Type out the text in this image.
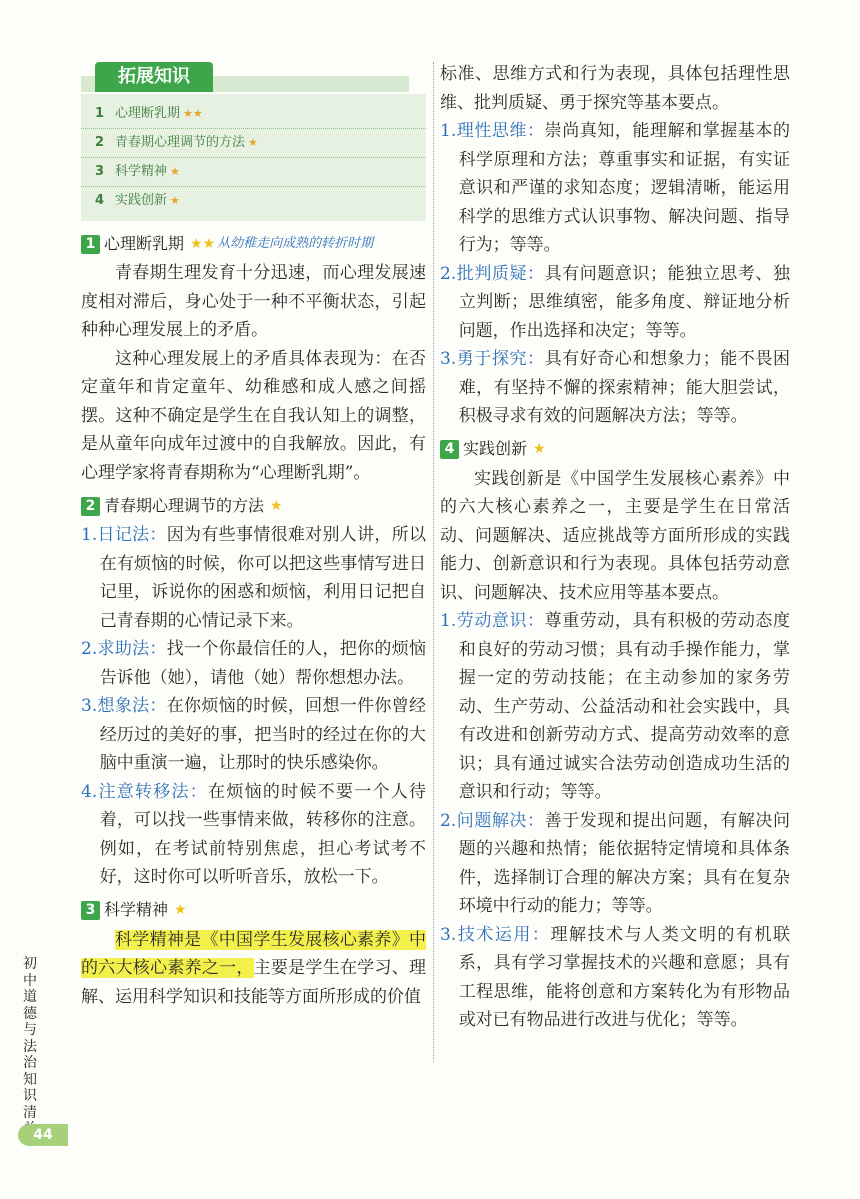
拓展知识
1 心理断乳期 ★★
2 青春期心理调节的方法 ★
3 科学精神 ★
4 实践创新 ★
1 心理断乳期 ★★ 从幼稚走向成熟的转折时期

青春期生理发育十分迅速，而心理发展速度相对滞后，身心处于一种不平衡状态，引起种种心理发展上的矛盾。

这种心理发展上的矛盾具体表现为：在否定童年和肯定童年、幼稚感和成人感之间摇摆。这种不确定是学生在自我认知上的调整，是从童年向成年过渡中的自我解放。因此，有心理学家将青春期称为“心理断乳期”。

2 青春期心理调节的方法 ★

1.日记法：因为有些事情很难对别人讲，所以在有烦恼的时候，你可以把这些事情写进日记里，诉说你的困惑和烦恼，利用日记把自己青春期的心情记录下来。

2.求助法：找一个你最信任的人，把你的烦恼告诉他（她），请他（她）帮你想想办法。

3.想象法：在你烦恼的时候，回想一件你曾经经历过的美好的事，把当时的经过在你的大脑中重演一遍，让那时的快乐感染你。

4.注意转移法：在烦恼的时候不要一个人待着，可以找一些事情来做，转移你的注意。例如，在考试前特别焦虑，担心考试考不好，这时你可以听听音乐，放松一下。

3 科学精神 ★

科学精神是《中国学生发展核心素养》中的六大核心素养之一，主要是学生在学习、理解、运用科学知识和技能等方面所形成的价值

标准、思维方式和行为表现，具体包括理性思维、批判质疑、勇于探究等基本要点。

1.理性思维：崇尚真知，能理解和掌握基本的科学原理和方法；尊重事实和证据，有实证意识和严谨的求知态度；逻辑清晰，能运用科学的思维方式认识事物、解决问题、指导行为；等等。

2.批判质疑：具有问题意识；能独立思考、独立判断；思维缜密，能多角度、辩证地分析问题，作出选择和决定；等等。

3.勇于探究：具有好奇心和想象力；能不畏困难，有坚持不懈的探索精神；能大胆尝试，积极寻求有效的问题解决方法；等等。

4 实践创新 ★

实践创新是《中国学生发展核心素养》中的六大核心素养之一，主要是学生在日常活动、问题解决、适应挑战等方面所形成的实践能力、创新意识和行为表现。具体包括劳动意识、问题解决、技术应用等基本要点。

1.劳动意识：尊重劳动，具有积极的劳动态度和良好的劳动习惯；具有动手操作能力，掌握一定的劳动技能；在主动参加的家务劳动、生产劳动、公益活动和社会实践中，具有改进和创新劳动方式、提高劳动效率的意识；具有通过诚实合法劳动创造成功生活的意识和行动；等等。

2.问题解决：善于发现和提出问题，有解决问题的兴趣和热情；能依据特定情境和具体条件，选择制订合理的解决方案；具有在复杂环境中行动的能力；等等。

3.技术运用：理解技术与人类文明的有机联系，具有学习掌握技术的兴趣和意愿；具有工程思维，能将创意和方案转化为有形物品或对已有物品进行改进与优化；等等。

初中道德与法治知识清
44
